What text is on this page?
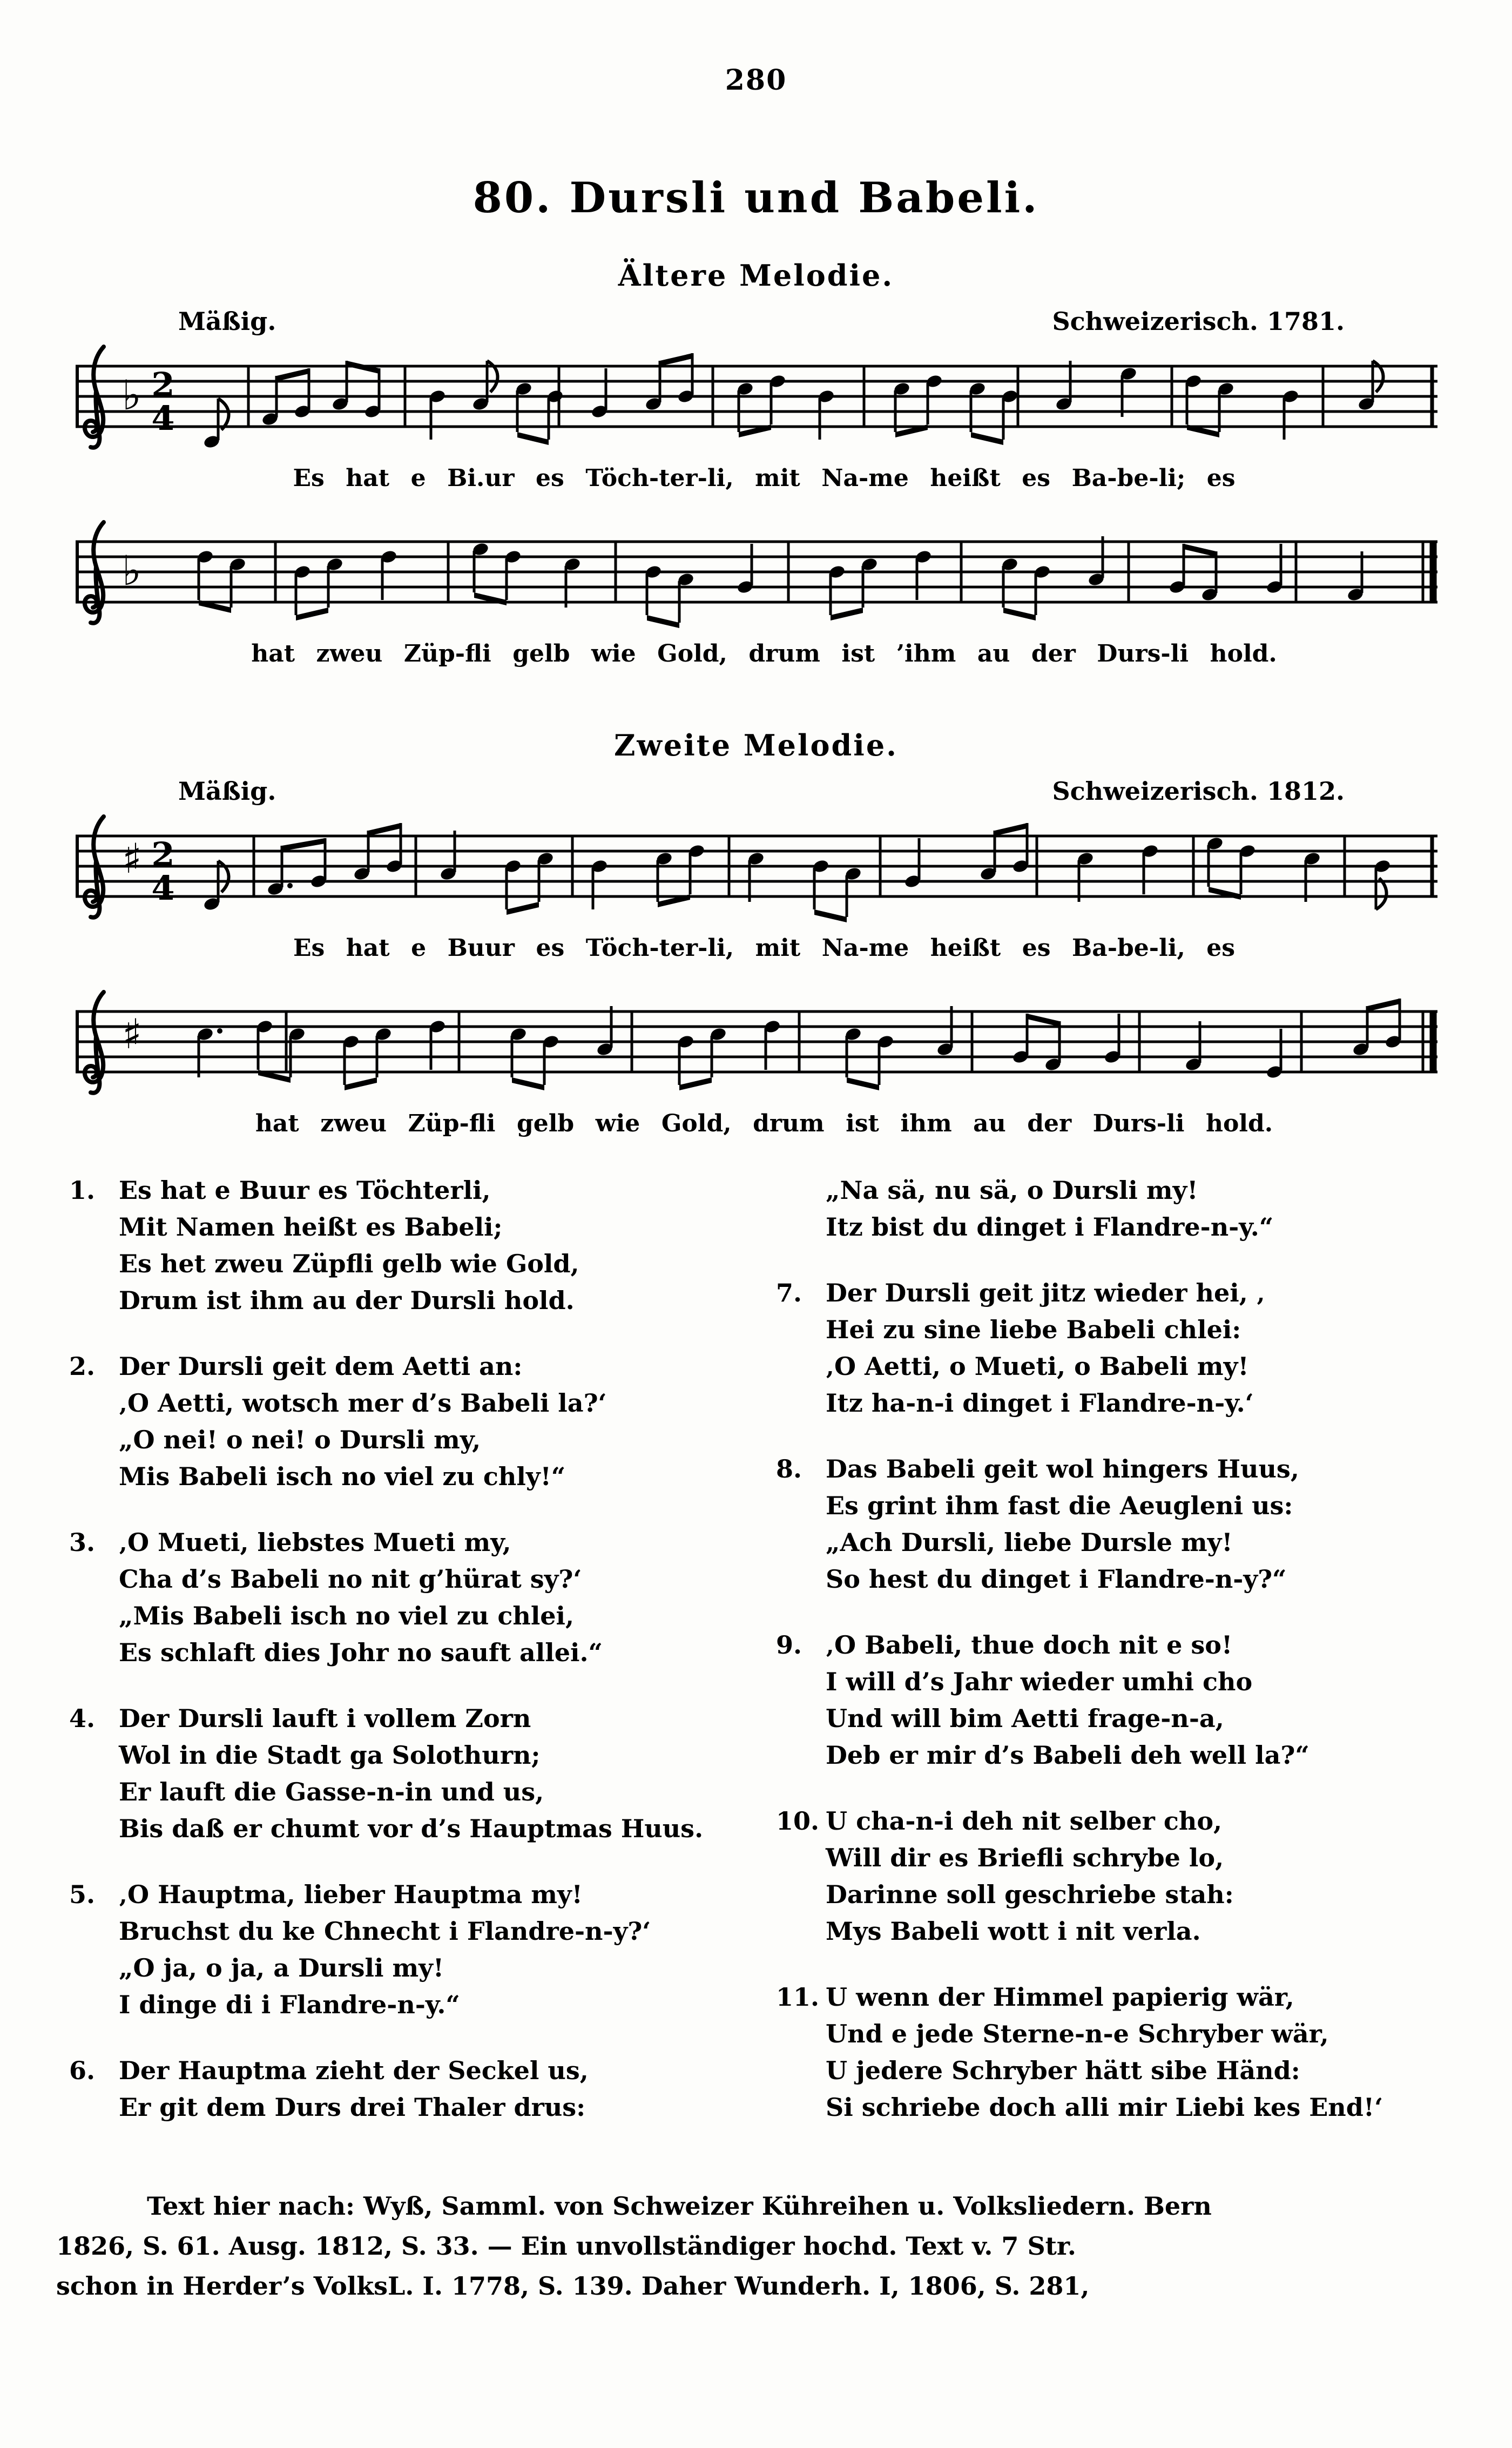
280
80. Dursli und Babeli.
Ältere Melodie.
Mäßig.	Schweizerisch. 1781.
♭ 2
4
Es hat e Bi.ur es Töch-ter-li, mit Na-me heißt es Ba-be-li; es
♭
hat zweu Züp-fli gelb wie Gold, drum ist ’ihm au der Durs-li hold.
Zweite Melodie.
Mäßig.	Schweizerisch. 1812.
♯ 2
4
Es hat e Buur es Töch-ter-li, mit Na-me heißt es Ba-be-li, es
♯
hat zweu Züp-fli gelb wie Gold, drum ist ihm au der Durs-li hold.
1. Es hat e Buur es Töchterli,
Mit Namen heißt es Babeli;
Es het zweu Züpfli gelb wie Gold,
Drum ist ihm au der Dursli hold.
2. Der Dursli geit dem Aetti an:
‚O Aetti, wotsch mer d’s Babeli la?‘
„O nei! o nei! o Dursli my,
Mis Babeli isch no viel zu chly!“
3. ‚O Mueti, liebstes Mueti my,
Cha d’s Babeli no nit g’hürat sy?‘
„Mis Babeli isch no viel zu chlei,
Es schlaft dies Johr no sauft allei.“
4. Der Dursli lauft i vollem Zorn
Wol in die Stadt ga Solothurn;
Er lauft die Gasse-n-in und us,
Bis daß er chumt vor d’s Hauptmas Huus.
5. ‚O Hauptma, lieber Hauptma my!
Bruchst du ke Chnecht i Flandre-n-y?‘
„O ja, o ja, a Dursli my!
I dinge di i Flandre-n-y.“
6. Der Hauptma zieht der Seckel us,
Er git dem Durs drei Thaler drus:
„Na sä, nu sä, o Dursli my!
Itz bist du dinget i Flandre-n-y.“
7. Der Dursli geit jitz wieder hei, ‚
Hei zu sine liebe Babeli chlei:
‚O Aetti, o Mueti, o Babeli my!
Itz ha-n-i dinget i Flandre-n-y.‘
8. Das Babeli geit wol hingers Huus,
Es grint ihm fast die Aeugleni us:
„Ach Dursli, liebe Dursle my!
So hest du dinget i Flandre-n-y?“
9. ‚O Babeli, thue doch nit e so!
I will d’s Jahr wieder umhi cho
Und will bim Aetti frage-n-a,
Deb er mir d’s Babeli deh well la?“
10. U cha-n-i deh nit selber cho,
Will dir es Briefli schrybe lo,
Darinne soll geschriebe stah:
Mys Babeli wott i nit verla.
11. U wenn der Himmel papierig wär,
Und e jede Sterne-n-e Schryber wär,
U jedere Schryber hätt sibe Händ:
Si schriebe doch alli mir Liebi kes End!‘
Text hier nach: Wyß, Samml. von Schweizer Kühreihen u. Volksliedern. Bern
1826, S. 61. Ausg. 1812, S. 33. — Ein unvollständiger hochd. Text v. 7 Str.
schon in Herder’s VolksL. I. 1778, S. 139. Daher Wunderh. I, 1806, S. 281,
